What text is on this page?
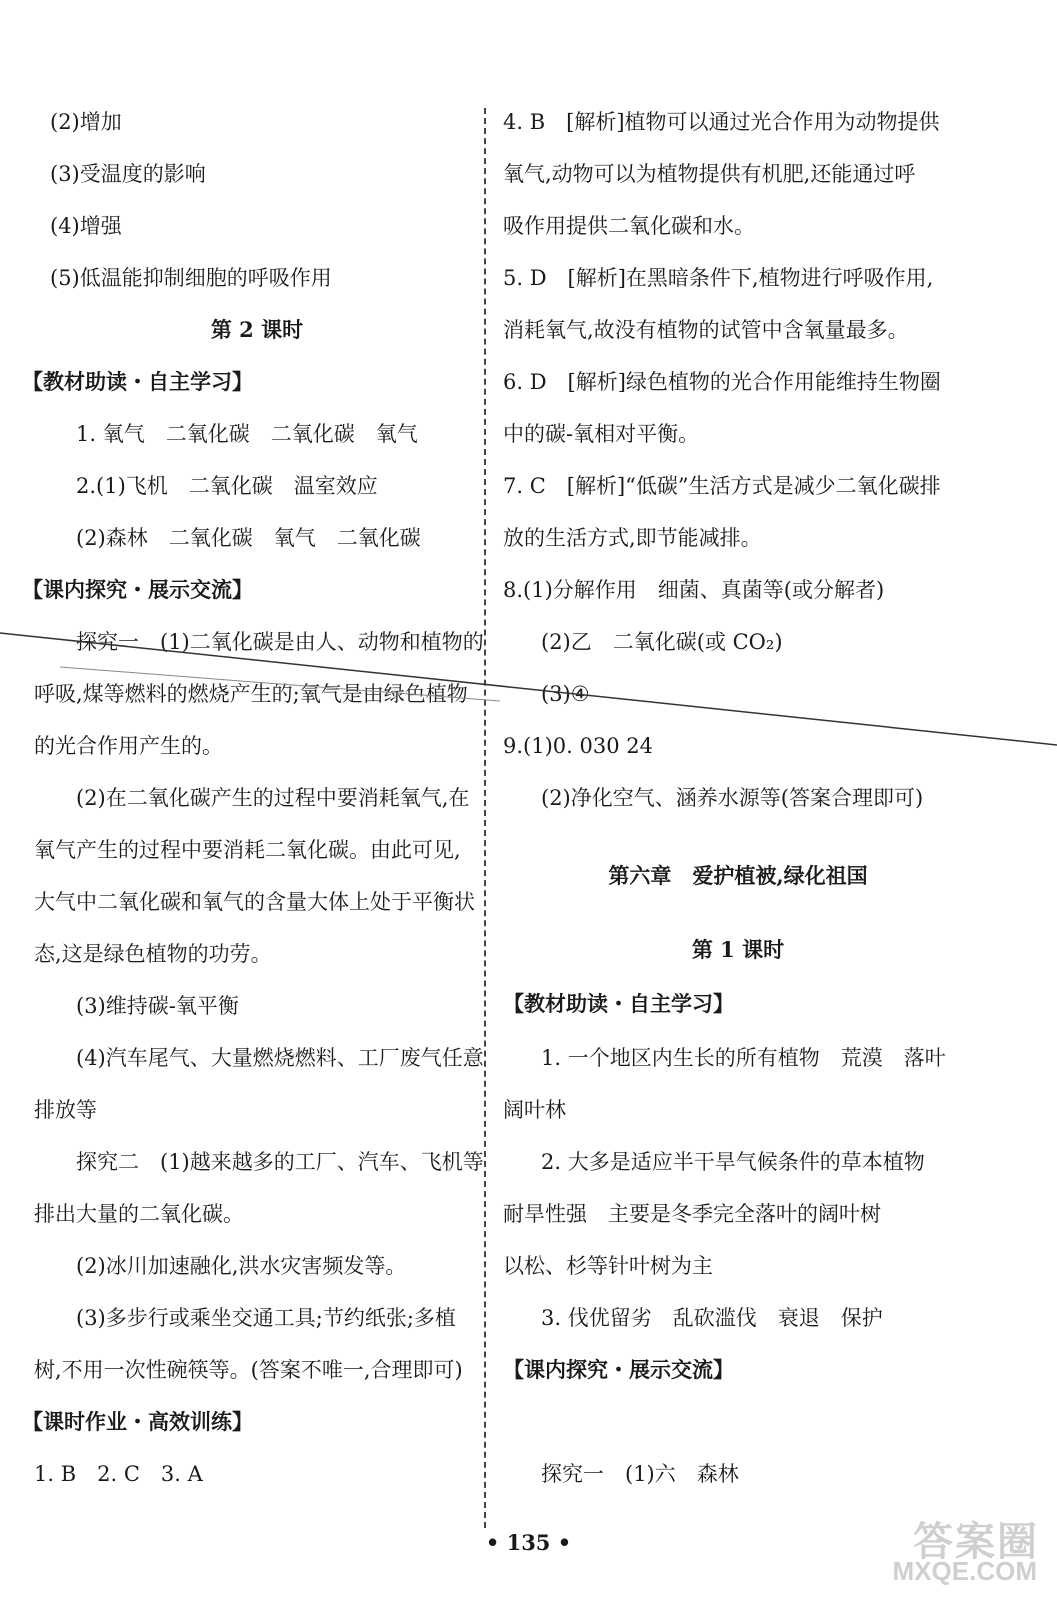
(2)增加
(3)受温度的影响
(4)增强
(5)低温能抑制细胞的呼吸作用
第 2 课时
【教材助读・自主学习】
1. 氧气　二氧化碳　二氧化碳　氧气
2.(1)飞机　二氧化碳　温室效应
(2)森林　二氧化碳　氧气　二氧化碳
【课内探究・展示交流】
探究一　(1)二氧化碳是由人、动物和植物的
呼吸,煤等燃料的燃烧产生的;氧气是由绿色植物
的光合作用产生的。
(2)在二氧化碳产生的过程中要消耗氧气,在
氧气产生的过程中要消耗二氧化碳。由此可见,
大气中二氧化碳和氧气的含量大体上处于平衡状
态,这是绿色植物的功劳。
(3)维持碳-氧平衡
(4)汽车尾气、大量燃烧燃料、工厂废气任意
排放等
探究二　(1)越来越多的工厂、汽车、飞机等
排出大量的二氧化碳。
(2)冰川加速融化,洪水灾害频发等。
(3)多步行或乘坐交通工具;节约纸张;多植
树,不用一次性碗筷等。(答案不唯一,合理即可)
【课时作业・高效训练】
1. B　2. C　3. A
4. B　[解析]植物可以通过光合作用为动物提供
氧气,动物可以为植物提供有机肥,还能通过呼
吸作用提供二氧化碳和水。
5. D　[解析]在黑暗条件下,植物进行呼吸作用,
消耗氧气,故没有植物的试管中含氧量最多。
6. D　[解析]绿色植物的光合作用能维持生物圈
中的碳-氧相对平衡。
7. C　[解析]“低碳”生活方式是减少二氧化碳排
放的生活方式,即节能减排。
8.(1)分解作用　细菌、真菌等(或分解者)
(2)乙　二氧化碳(或 CO₂)
(3)④
9.(1)0. 030 24
(2)净化空气、涵养水源等(答案合理即可)
第六章　爱护植被,绿化祖国
第 1 课时
【教材助读・自主学习】
1. 一个地区内生长的所有植物　荒漠　落叶
阔叶林
2. 大多是适应半干旱气候条件的草本植物
耐旱性强　主要是冬季完全落叶的阔叶树
以松、杉等针叶树为主
3. 伐优留劣　乱砍滥伐　衰退　保护
【课内探究・展示交流】
探究一　(1)六　森林
• 135 •	答案圈
MXQE.COM
